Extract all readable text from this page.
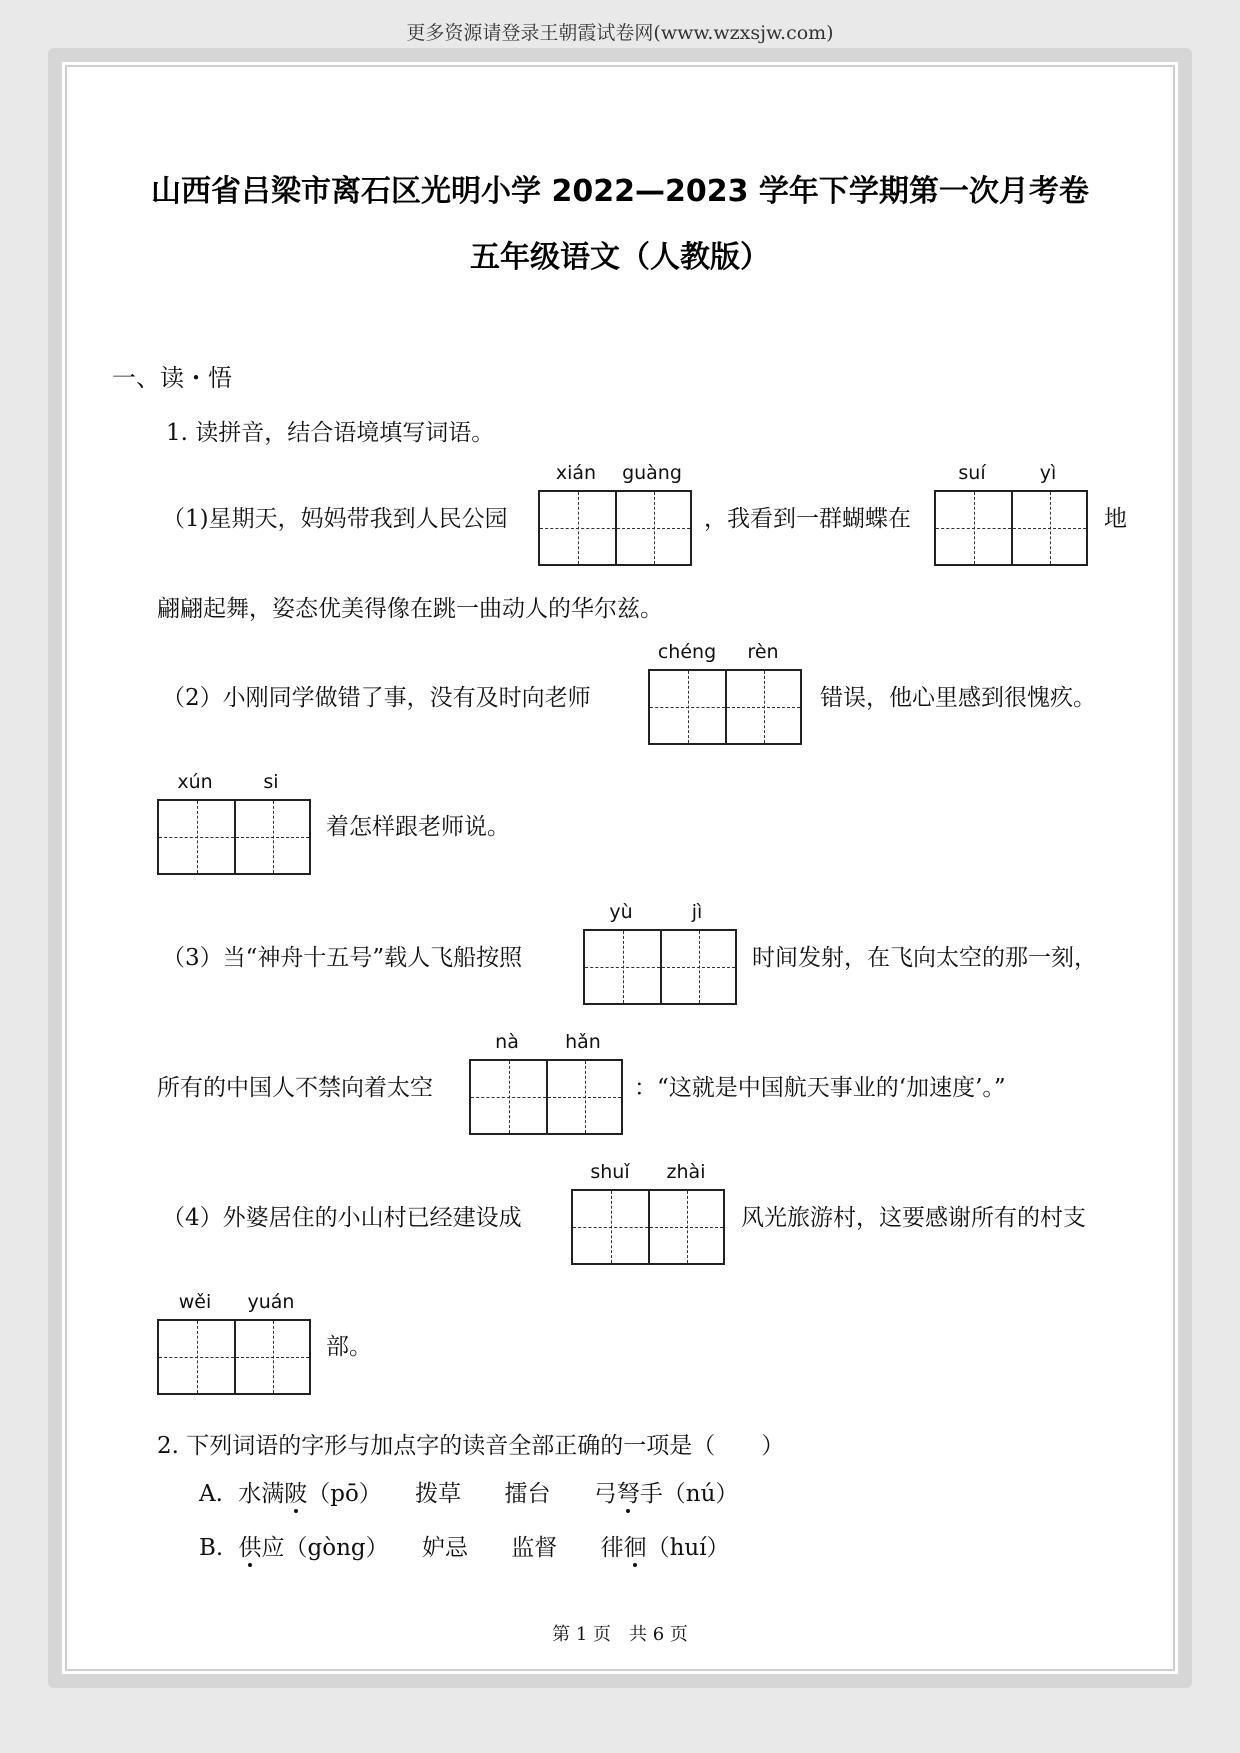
更多资源请登录王朝霞试卷网(www.wzxsjw.com)
山西省吕梁市离石区光明小学 2022—2023 学年下学期第一次月考卷
五年级语文（人教版）
一、读・悟
1. 读拼音，结合语境填写词语。
（1)星期天，妈妈带我到人民公园
xián	guàng
，我看到一群蝴蝶在
suí	yì
地
翩翩起舞，姿态优美得像在跳一曲动人的华尔兹。
（2）小刚同学做错了事，没有及时向老师
chéng	rèn
错误，他心里感到很愧疚。
xún	si
着怎样跟老师说。
（3）当“神舟十五号”载人飞船按照
yù	jì
时间发射，在飞向太空的那一刻，
所有的中国人不禁向着太空
nà	hǎn
：“这就是中国航天事业的‘加速度’。”
（4）外婆居住的小山村已经建设成
shuǐ	zhài
风光旅游村，这要感谢所有的村支
wěi	yuán
部。
2. 下列词语的字形与加点字的读音全部正确的一项是（　　）
A. 水满陂（pō） 拨草 擂台 弓弩手（nú）
B. 供应（gòng） 妒忌 监督 徘徊（huí）
第 1 页　共 6 页
